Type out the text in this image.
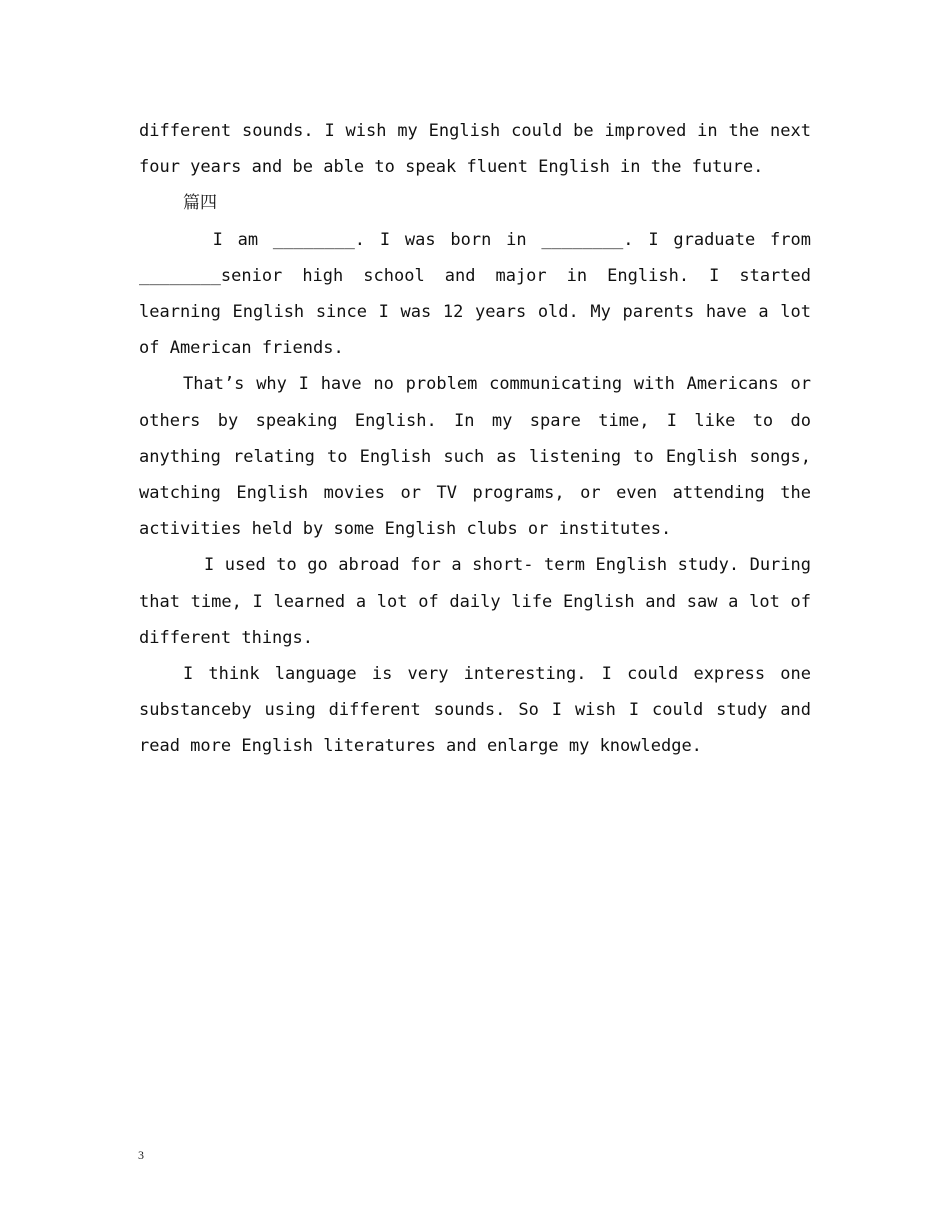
different sounds. I wish my English could be improved in the next four years and be able to speak fluent English in the future.

篇四

I am ________. I was born in ________. I graduate from ________senior high school and major in English. I started learning English since I was 12 years old. My parents have a lot of American friends.

That’s why I have no problem communicating with Americans or others by speaking English. In my spare time, I like to do anything relating to English such as listening to English songs, watching English movies or TV programs, or even attending the activities held by some English clubs or institutes.

I used to go abroad for a short- term English study. During that time, I learned a lot of daily life English and saw a lot of different things.

I think language is very interesting. I could express one substanceby using different sounds. So I wish I could study and read more English literatures and enlarge my knowledge.

3
